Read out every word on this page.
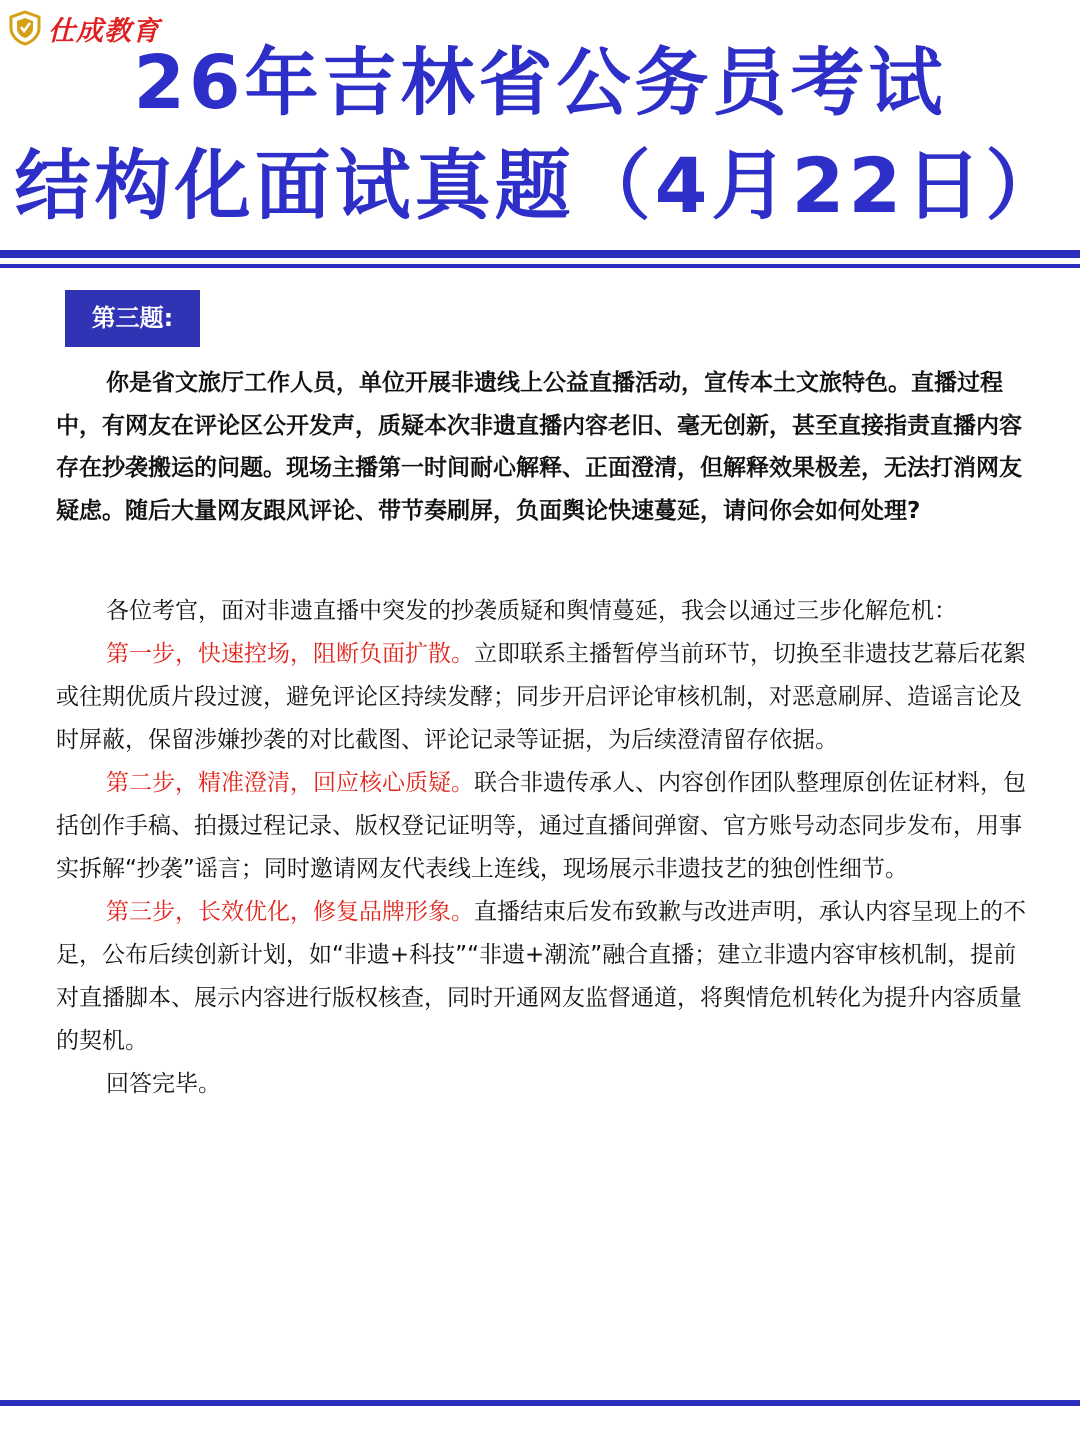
仕成教育
26年吉林省公务员考试
结构化面试真题（4月22日）
第三题:

你是省文旅厅工作人员，单位开展非遗线上公益直播活动，宣传本土文旅特色。直播过程中，有网友在评论区公开发声，质疑本次非遗直播内容老旧、毫无创新，甚至直接指责直播内容存在抄袭搬运的问题。现场主播第一时间耐心解释、正面澄清，但解释效果极差，无法打消网友疑虑。随后大量网友跟风评论、带节奏刷屏，负面舆论快速蔓延，请问你会如何处理?

各位考官，面对非遗直播中突发的抄袭质疑和舆情蔓延，我会以通过三步化解危机：

第一步，快速控场，阻断负面扩散。立即联系主播暂停当前环节，切换至非遗技艺幕后花絮或往期优质片段过渡，避免评论区持续发酵；同步开启评论审核机制，对恶意刷屏、造谣言论及时屏蔽，保留涉嫌抄袭的对比截图、评论记录等证据，为后续澄清留存依据。

第二步，精准澄清，回应核心质疑。联合非遗传承人、内容创作团队整理原创佐证材料，包括创作手稿、拍摄过程记录、版权登记证明等，通过直播间弹窗、官方账号动态同步发布，用事实拆解“抄袭”谣言；同时邀请网友代表线上连线，现场展示非遗技艺的独创性细节。

第三步，长效优化，修复品牌形象。直播结束后发布致歉与改进声明，承认内容呈现上的不足，公布后续创新计划，如“非遗+科技”“非遗+潮流”融合直播；建立非遗内容审核机制，提前对直播脚本、展示内容进行版权核查，同时开通网友监督通道，将舆情危机转化为提升内容质量的契机。

回答完毕。
